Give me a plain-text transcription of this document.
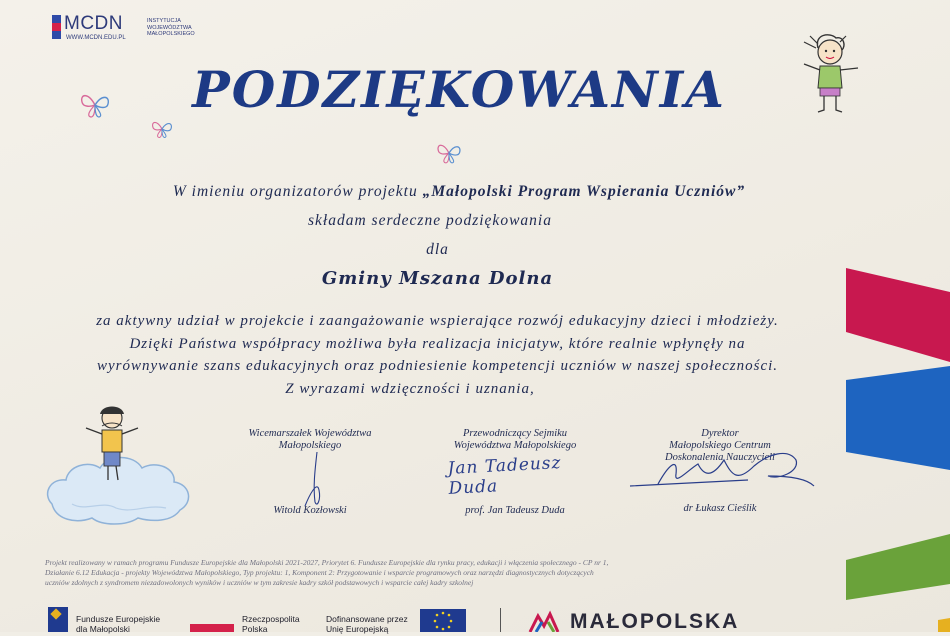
MCDN
WWW.MCDN.EDU.PL
INSTYTUCJA
WOJEWÓDZTWA
MAŁOPOLSKIEGO
PODZIĘKOWANIA
W imieniu organizatorów projektu „Małopolski Program Wspierania Uczniów”
składam serdeczne podziękowania
dla
Gminy Mszana Dolna
za aktywny udział w projekcie i zaangażowanie wspierające rozwój edukacyjny dzieci i młodzieży.
Dzięki Państwa współpracy możliwa była realizacja inicjatyw, które realnie wpłynęły na
wyrównywanie szans edukacyjnych oraz podniesienie kompetencji uczniów w naszej społeczności.
Z wyrazami wdzięczności i uznania,
Wicemarszałek Województwa
Małopolskiego
Witold Kozłowski
Przewodniczący Sejmiku
Województwa Małopolskiego
Jan Tadeusz Duda
prof. Jan Tadeusz Duda
Dyrektor
Małopolskiego Centrum
Doskonalenia Nauczycieli
dr Łukasz Cieślik
Projekt realizowany w ramach programu Fundusze Europejskie dla Małopolski 2021-2027, Priorytet 6. Fundusze Europejskie dla rynku pracy, edukacji i włączenia społecznego - CP nr 1,
Działanie 6.12 Edukacja - projekty Województwa Małopolskiego, Typ projektu: 1, Komponent 2: Przygotowanie i wsparcie programowych oraz narzędzi diagnostycznych dotyczących
uczniów zdolnych z syndromem niezadowolonych wyników i uczniów w tym zakresie kadry szkół podstawowych i wsparcie całej kadry szkolnej
Fundusze Europejskie
dla Małopolski
Rzeczpospolita
Polska
Dofinansowane przez
Unię Europejską	MAŁOPOLSKA
